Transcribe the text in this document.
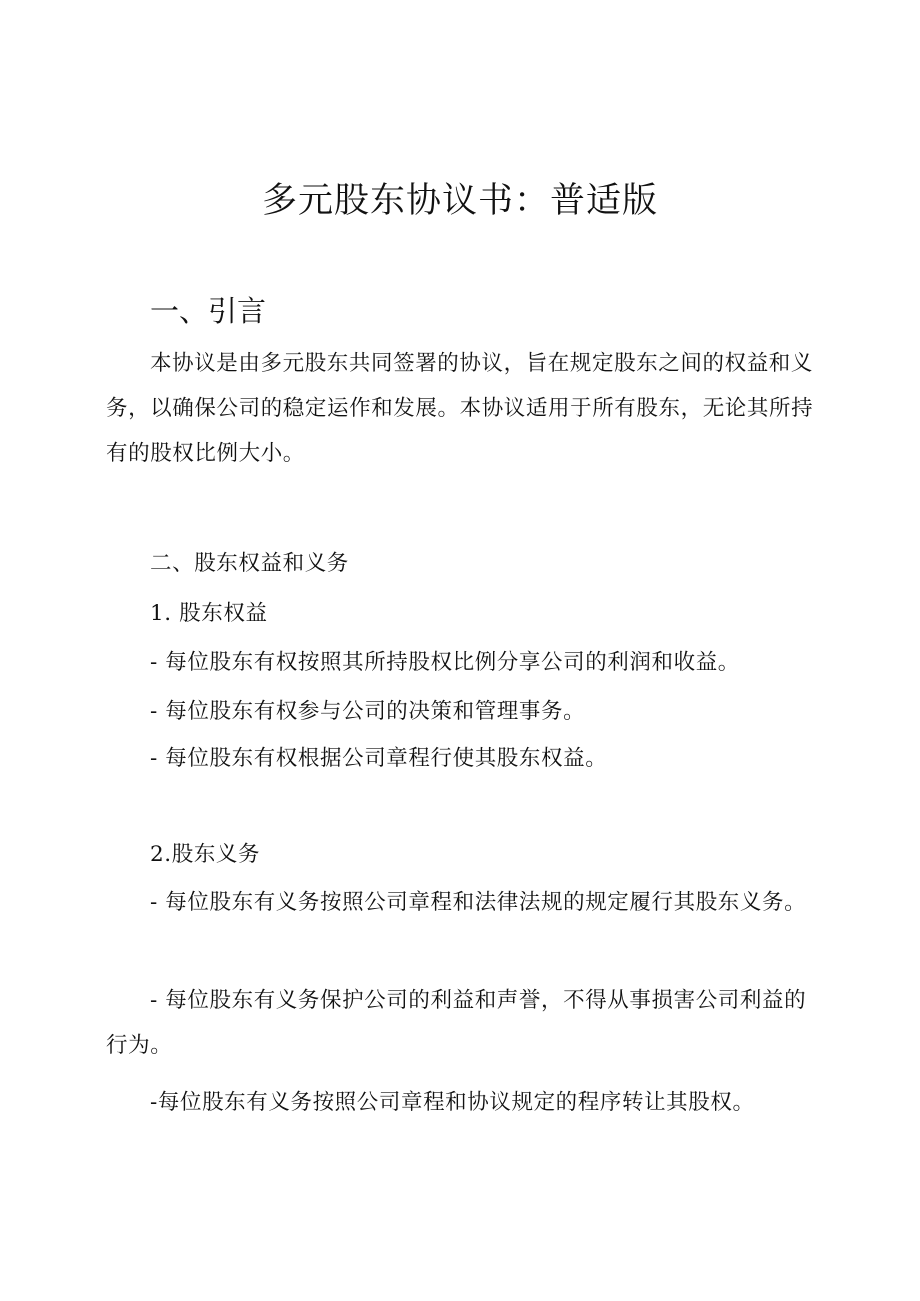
多元股东协议书：普适版
一、引言

本协议是由多元股东共同签署的协议，旨在规定股东之间的权益和义务，以确保公司的稳定运作和发展。本协议适用于所有股东，无论其所持有的股权比例大小。

二、股东权益和义务
1. 股东权益

- 每位股东有权按照其所持股权比例分享公司的利润和收益。

- 每位股东有权参与公司的决策和管理事务。

- 每位股东有权根据公司章程行使其股东权益。

2.股东义务

- 每位股东有义务按照公司章程和法律法规的规定履行其股东义务。

- 每位股东有义务保护公司的利益和声誉，不得从事损害公司利益的行为。

-每位股东有义务按照公司章程和协议规定的程序转让其股权。
